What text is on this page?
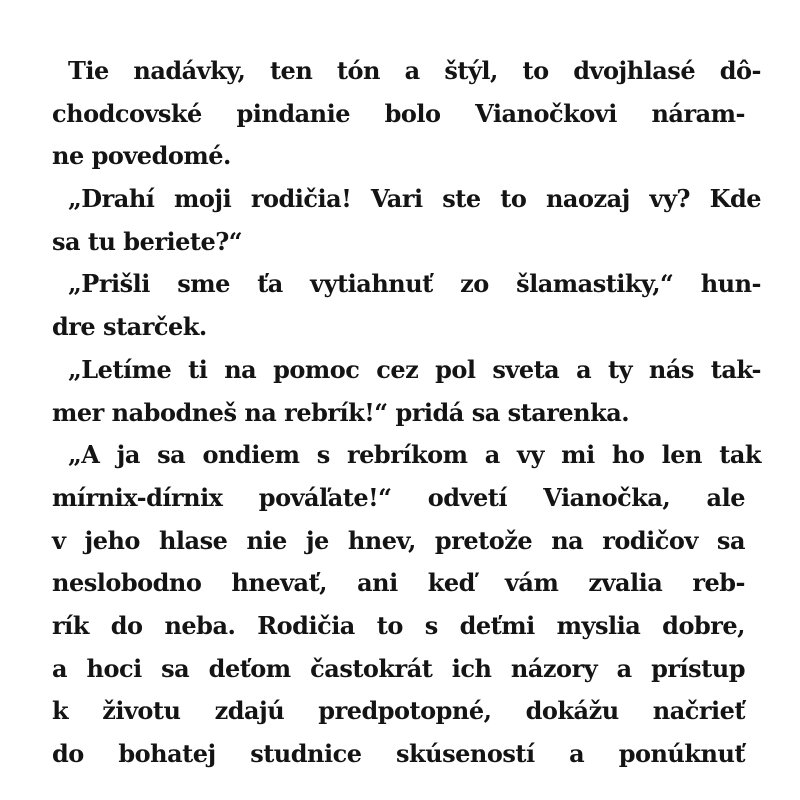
Tie nadávky, ten tón a štýl, to dvojhlasé dô-
chodcovské pindanie bolo Vianočkovi náram-
ne povedomé.
„Drahí moji rodičia! Vari ste to naozaj vy? Kde
sa tu beriete?“
„Prišli sme ťa vytiahnuť zo šlamastiky,“ hun-
dre starček.
„Letíme ti na pomoc cez pol sveta a ty nás tak-
mer nabodneš na rebrík!“ pridá sa starenka.
„A ja sa ondiem s rebríkom a vy mi ho len tak
mírnix-dírnix pováľate!“ odvetí Vianočka, ale
v jeho hlase nie je hnev, pretože na rodičov sa
neslobodno hnevať, ani keď vám zvalia reb-
rík do neba. Rodičia to s deťmi myslia dobre,
a hoci sa deťom častokrát ich názory a prístup
k životu zdajú predpotopné, dokážu načrieť
do bohatej studnice skúseností a ponúknuť
